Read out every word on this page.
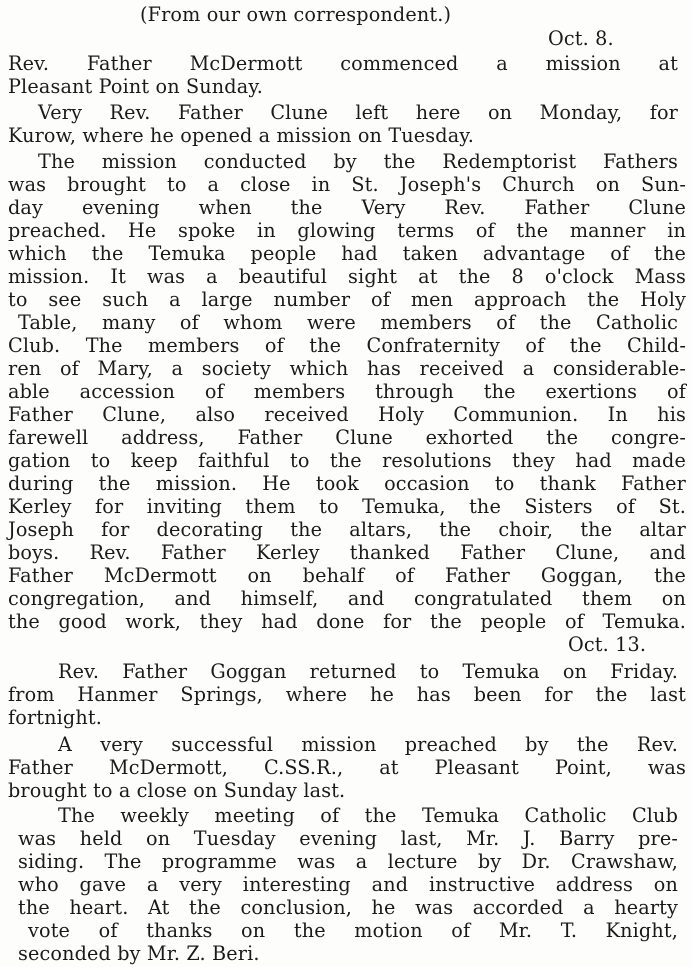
(From our own correspondent.)
Oct. 8.
Rev. Father McDermott commenced a mission at
Pleasant Point on Sunday.
Very Rev. Father Clune left here on Monday, for
Kurow, where he opened a mission on Tuesday.
The mission conducted by the Redemptorist Fathers
was brought to a close in St. Joseph's Church on Sun-
day evening when the Very Rev. Father Clune
preached. He spoke in glowing terms of the manner in
which the Temuka people had taken advantage of the
mission. It was a beautiful sight at the 8 o'clock Mass
to see such a large number of men approach the Holy
Table, many of whom were members of the Catholic
Club. The members of the Confraternity of the Child-
ren of Mary, a society which has received a considerable-
able accession of members through the exertions of
Father Clune, also received Holy Communion. In his
farewell address, Father Clune exhorted the congre-
gation to keep faithful to the resolutions they had made
during the mission. He took occasion to thank Father
Kerley for inviting them to Temuka, the Sisters of St.
Joseph for decorating the altars, the choir, the altar
boys. Rev. Father Kerley thanked Father Clune, and
Father McDermott on behalf of Father Goggan, the
congregation, and himself, and congratulated them on
the good work, they had done for the people of Temuka.
Oct. 13.
Rev. Father Goggan returned to Temuka on Friday.
from Hanmer Springs, where he has been for the last
fortnight.
A very successful mission preached by the Rev.
Father McDermott, C.SS.R., at Pleasant Point, was
brought to a close on Sunday last.
The weekly meeting of the Temuka Catholic Club
was held on Tuesday evening last, Mr. J. Barry pre-
siding. The programme was a lecture by Dr. Crawshaw,
who gave a very interesting and instructive address on
the heart. At the conclusion, he was accorded a hearty
vote of thanks on the motion of Mr. T. Knight,
seconded by Mr. Z. Beri.
